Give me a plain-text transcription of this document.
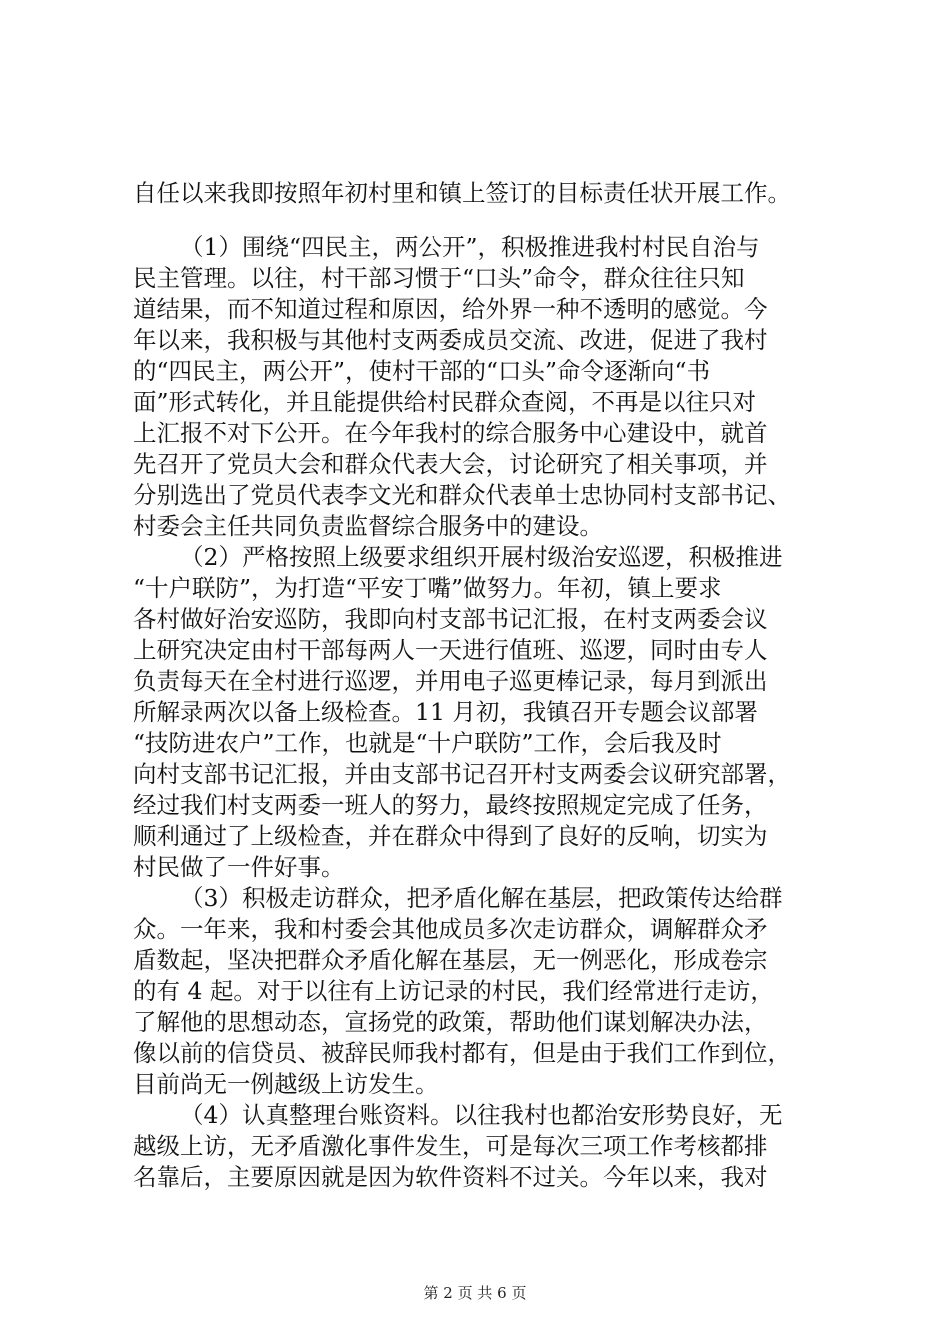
自任以来我即按照年初村里和镇上签订的目标责任状开展工作。
（1）围绕“四民主，两公开”，积极推进我村村民自治与
民主管理。以往，村干部习惯于“口头”命令，群众往往只知
道结果，而不知道过程和原因，给外界一种不透明的感觉。今
年以来，我积极与其他村支两委成员交流、改进，促进了我村
的“四民主，两公开”，使村干部的“口头”命令逐渐向“书
面”形式转化，并且能提供给村民群众查阅，不再是以往只对
上汇报不对下公开。在今年我村的综合服务中心建设中，就首
先召开了党员大会和群众代表大会，讨论研究了相关事项，并
分别选出了党员代表李文光和群众代表单士忠协同村支部书记、
村委会主任共同负责监督综合服务中的建设。
（2）严格按照上级要求组织开展村级治安巡逻，积极推进
“十户联防”，为打造“平安丁嘴”做努力。年初，镇上要求
各村做好治安巡防，我即向村支部书记汇报，在村支两委会议
上研究决定由村干部每两人一天进行值班、巡逻，同时由专人
负责每天在全村进行巡逻，并用电子巡更棒记录，每月到派出
所解录两次以备上级检查。11 月初，我镇召开专题会议部署
“技防进农户”工作，也就是“十户联防”工作，会后我及时
向村支部书记汇报，并由支部书记召开村支两委会议研究部署，
经过我们村支两委一班人的努力，最终按照规定完成了任务，
顺利通过了上级检查，并在群众中得到了良好的反响，切实为
村民做了一件好事。
（3）积极走访群众，把矛盾化解在基层，把政策传达给群
众。一年来，我和村委会其他成员多次走访群众，调解群众矛
盾数起，坚决把群众矛盾化解在基层，无一例恶化，形成卷宗
的有 4 起。对于以往有上访记录的村民，我们经常进行走访，
了解他的思想动态，宣扬党的政策，帮助他们谋划解决办法，
像以前的信贷员、被辞民师我村都有，但是由于我们工作到位，
目前尚无一例越级上访发生。
（4）认真整理台账资料。以往我村也都治安形势良好，无
越级上访，无矛盾激化事件发生，可是每次三项工作考核都排
名靠后，主要原因就是因为软件资料不过关。今年以来，我对
第 2 页 共 6 页
